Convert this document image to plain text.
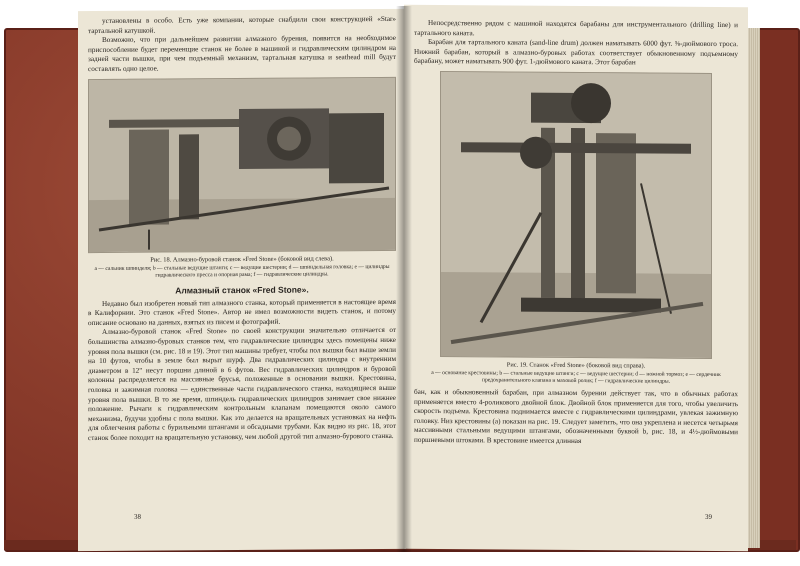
установлены в особо. Есть уже компании, которые снабдили свои конструкцией «Star» тартальной катушкой.

Возможно, что при дальнейшем развитии алмазного бурения, появится на необходимое приспособление будет переменщие станок не более в машиной и гидравлическим цилиндром на задней части вышки, при чем подъемный механизм, тартальная катушка и seathead mill будут составлять одно целое.

Рис. 18. Алмазно-буровой станок «Fred Stone» (боковой вид слева).
a — сальник шпинделя; b — стальные ведущие штанги; c — ведущие шестерни; d — шпиндельная головка; e — цилиндры гидравлического пресса и опорная рама; f — гидравлические цилиндры.
Алмазный станок «Fred Stone».

Недавно был изобретен новый тип алмазного станка, который применяется в настоящее время в Калифорнии. Это станок «Fred Stone». Автор не имел возможности видеть станок, и потому описание основано на данных, взятых из писем и фотографий.

Алмазно-буровой станок «Fred Stone» по своей конструкции значительно отличается от большинства алмазно-буровых станков тем, что гидравлические цилиндры здесь помещены ниже уровня пола вышки (см. рис. 18 и 19). Этот тип машины требует, чтобы пол вышки был выше земли на 10 футов, чтобы в земле был вырыт шурф. Два гидравлических цилиндра с внутренним диаметром в 12" несут поршни длиной в 6 футов. Вес гидравлических цилиндров и буровой колонны распределяется на массивные брусья, положенные в основании вышки. Крестовина, головка и зажимная головка — единственные части гидравлического станка, находящиеся выше уровня пола вышки. В то же время, шпиндель гидравлических цилиндров занимает свое нижнее положение. Рычаги к гидравлическим контрольным клапанам помещаются около самого механизма, будучи удобны с пола вышки. Как это делается на вращательных установках на нефть для облегчения работы с бурильными штангами и обсадными трубами. Как видно из рис. 18, этот станок более походит на вращательную установку, чем любой другой тип алмазно-бурового станка.

38

Непосредственно рядом с машиной находятся барабаны для инструментального (drilling line) и тартального каната.

Барабан для тартального каната (sand-line drum) должен наматывать 6000 фут. ⅝-дюймового троса. Нижний барабан, который в алмазно-буровых работах соответствует обыкновенному подъемному барабану, может наматывать 900 фут. 1-дюймового каната. Этот барабан

Рис. 19. Станок «Fred Stone» (боковой вид справа).
a — основание крестовины; b — стальные ведущие штанги; c — ведущие шестерни; d — ножной тормоз; e — сердечник предохранительного клапана и маховой ролик; f — гидравлические цилиндры.

бан, как и обыкновенный барабан, при алмазном бурении действует так, что в обычных работах применяется вместо 4-роликового двойной блок. Двойной блок применяется для того, чтобы увеличить скорость подъема. Крестовина поднимается вместе с гидравлическими цилиндрами, увлекая зажимную головку. Низ крестовины (a) показан на рис. 19. Следует заметить, что она укреплена и несется четырьмя массивными стальными ведущими штангами, обозначенными буквой b, рис. 18, и 4½-дюймовыми поршневыми штоками. В крестовине имеется длинная

39
